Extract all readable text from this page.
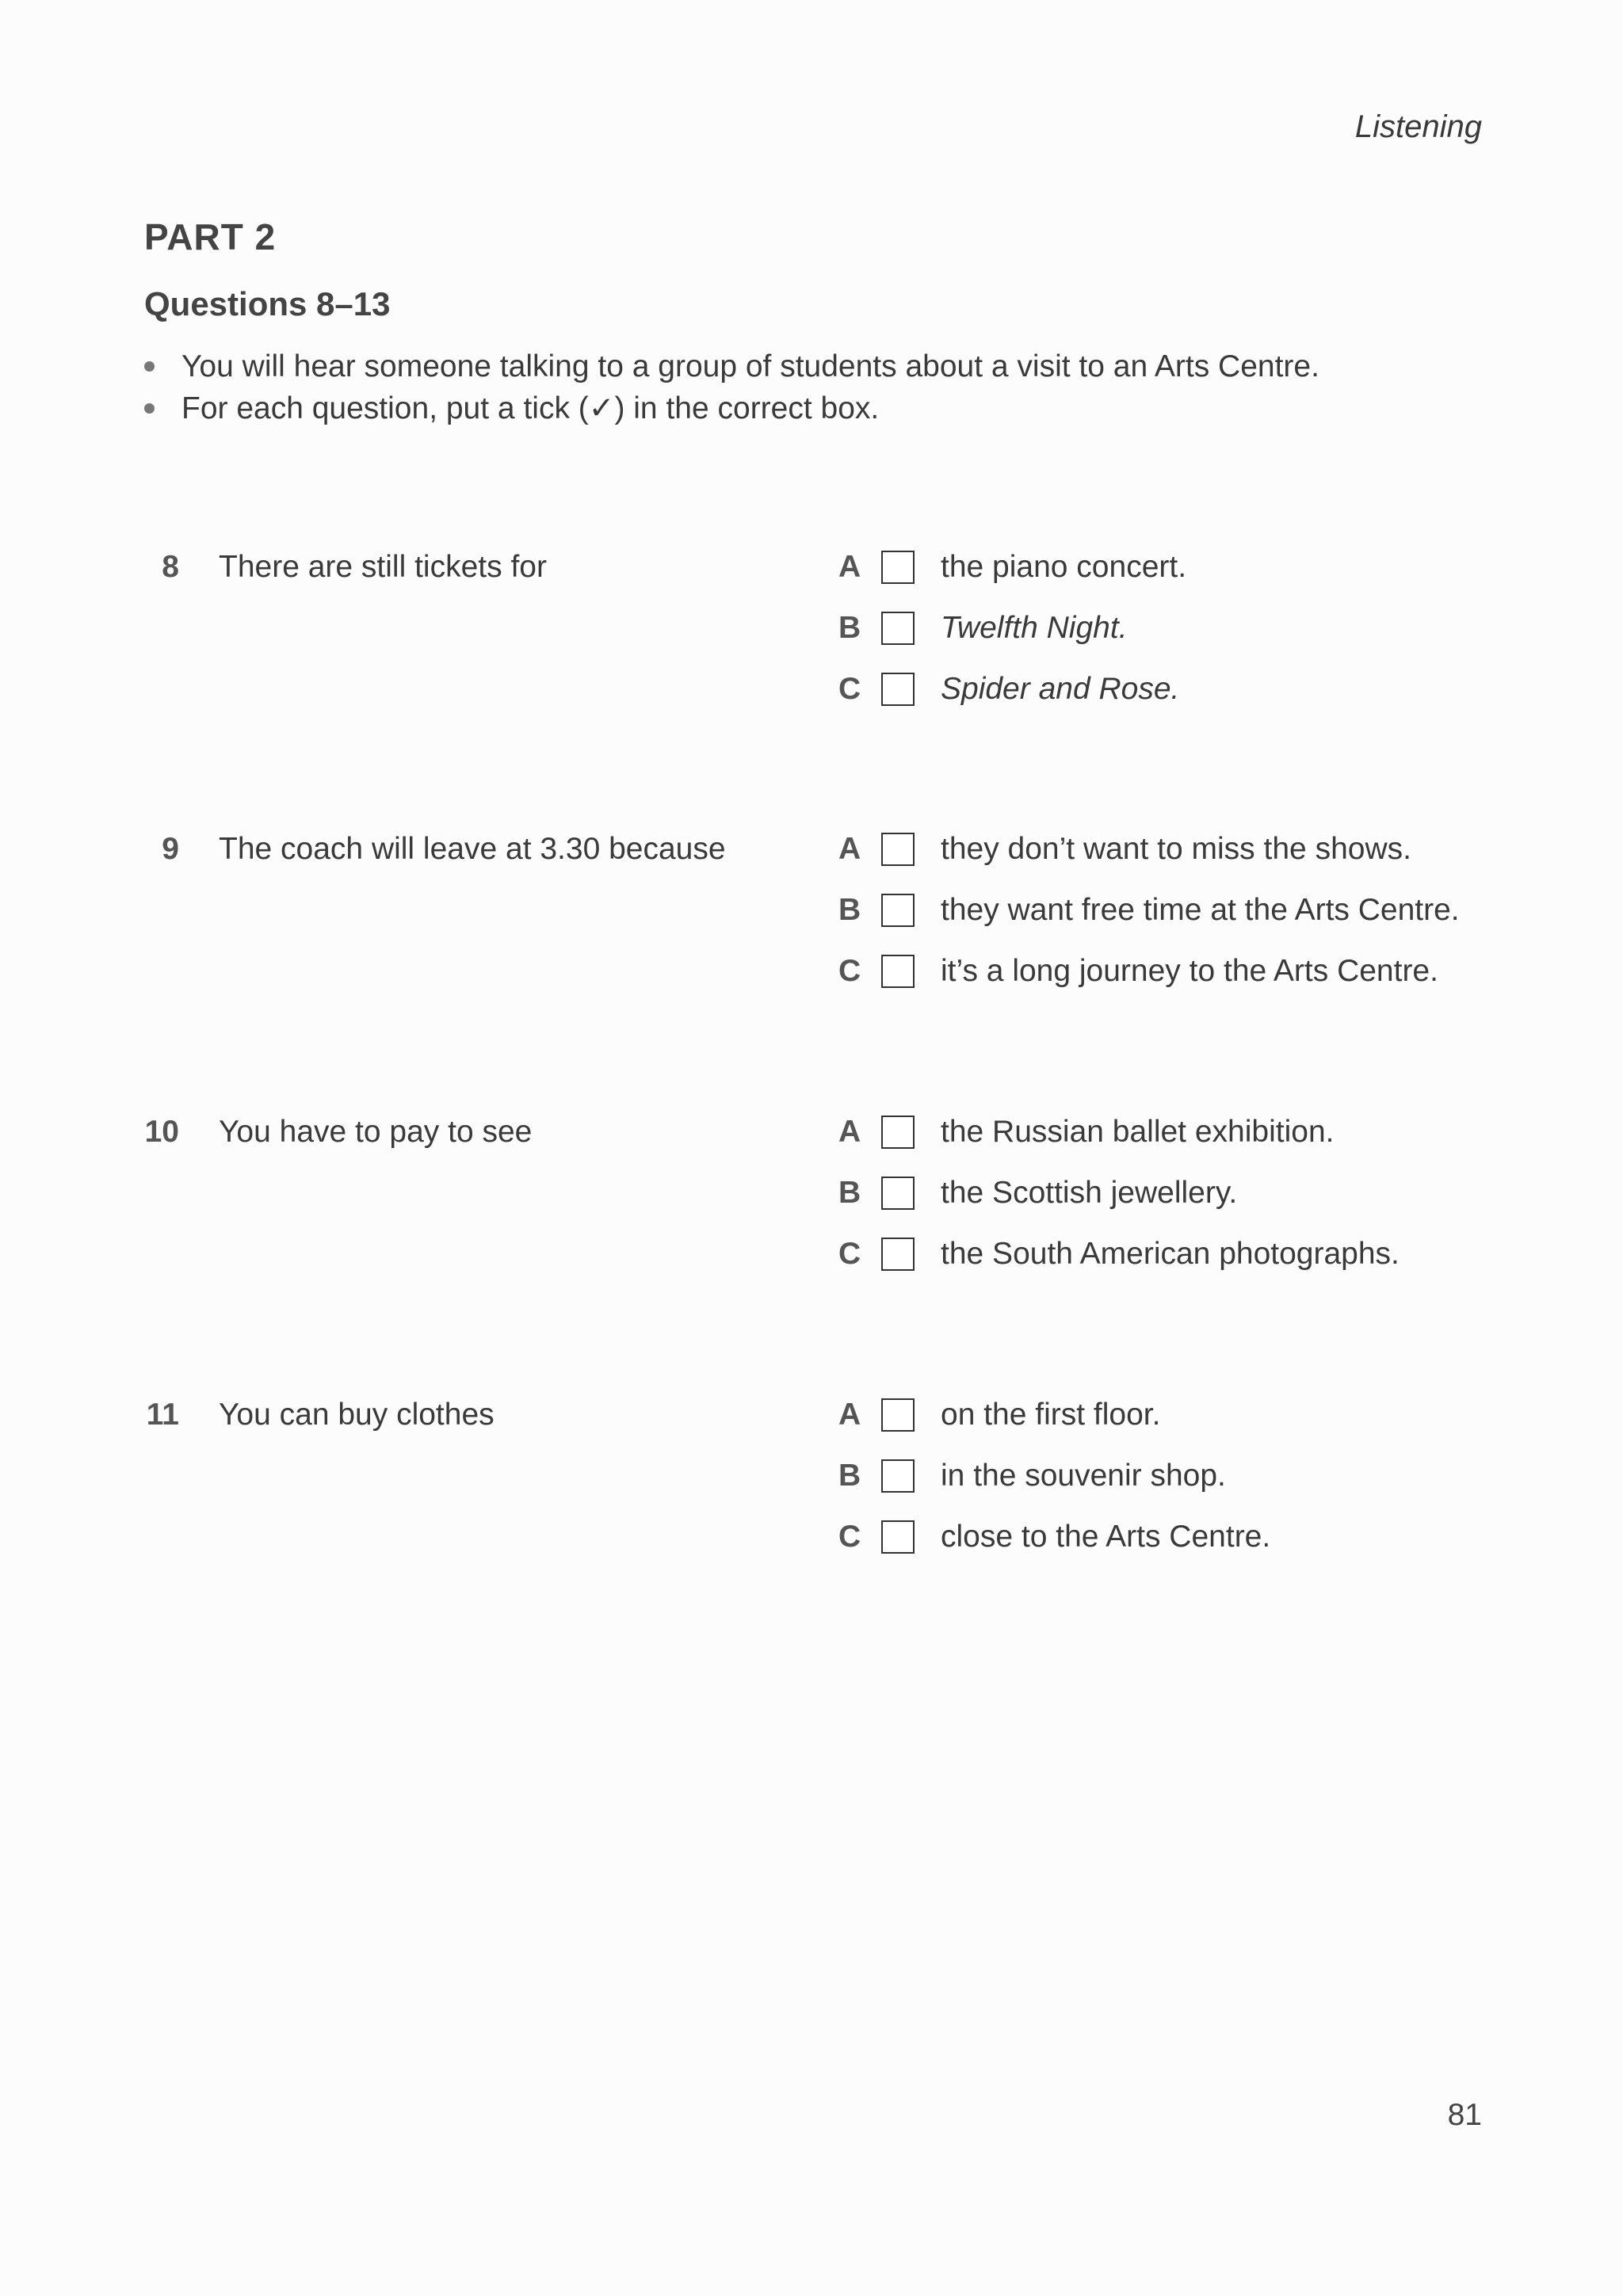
Listening
PART 2
Questions 8–13
You will hear someone talking to a group of students about a visit to an Arts Centre.
For each question, put a tick (✓) in the correct box.
8 There are still tickets for	A	the piano concert.
B	Twelfth Night.
C	Spider and Rose.
9 The coach will leave at 3.30 because	A	they don’t want to miss the shows.
B	they want free time at the Arts Centre.
C	it’s a long journey to the Arts Centre.
10 You have to pay to see	A	the Russian ballet exhibition.
B	the Scottish jewellery.
C	the South American photographs.
11 You can buy clothes	A	on the first floor.
B	in the souvenir shop.
C	close to the Arts Centre.
81
